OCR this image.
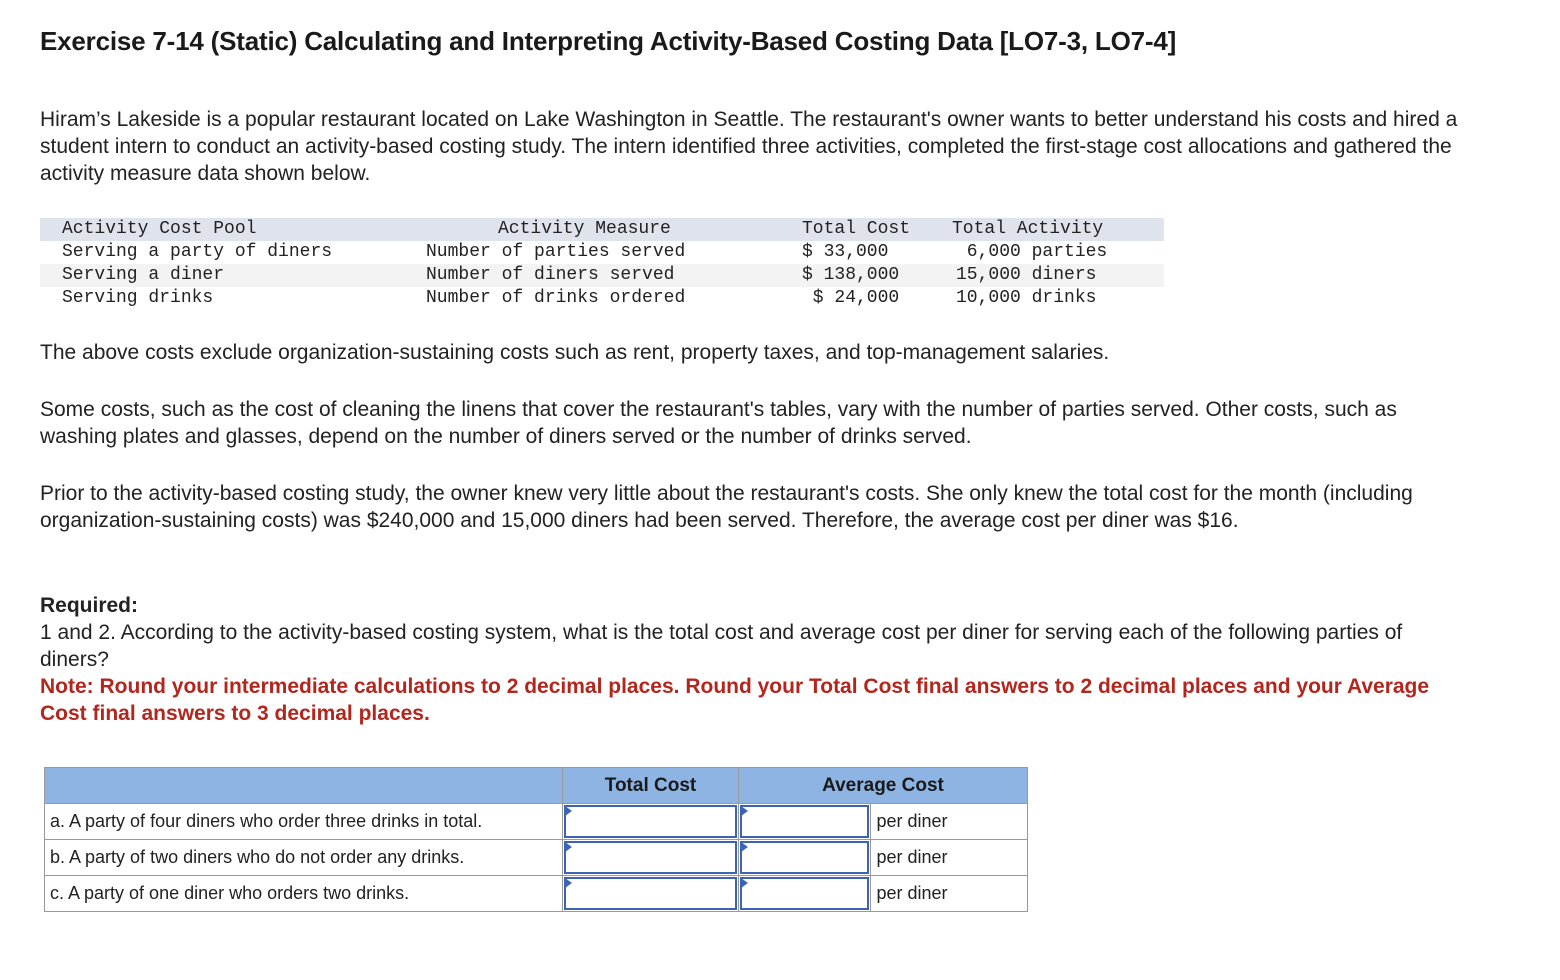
Exercise 7-14 (Static) Calculating and Interpreting Activity-Based Costing Data [LO7-3, LO7-4]

Hiram’s Lakeside is a popular restaurant located on Lake Washington in Seattle. The restaurant's owner wants to better understand his costs and hired a student intern to conduct an activity-based costing study. The intern identified three activities, completed the first-stage cost allocations and gathered the activity measure data shown below.

Activity Cost Pool	Activity Measure	Total Cost	Total Activity
Serving a party of diners	Number of parties served	$ 33,000	6,000 parties
Serving a diner	Number of diners served	$ 138,000	15,000 diners
Serving drinks	Number of drinks ordered	$ 24,000	10,000 drinks

The above costs exclude organization-sustaining costs such as rent, property taxes, and top-management salaries.

Some costs, such as the cost of cleaning the linens that cover the restaurant's tables, vary with the number of parties served. Other costs, such as washing plates and glasses, depend on the number of diners served or the number of drinks served.

Prior to the activity-based costing study, the owner knew very little about the restaurant's costs. She only knew the total cost for the month (including organization-sustaining costs) was $240,000 and 15,000 diners had been served. Therefore, the average cost per diner was $16.

Required:
1 and 2. According to the activity-based costing system, what is the total cost and average cost per diner for serving each of the following parties of diners?
Note: Round your intermediate calculations to 2 decimal places. Round your Total Cost final answers to 2 decimal places and your Average Cost final answers to 3 decimal places.
	Total Cost	Average Cost	
a. A party of four diners who order three drinks in total.			per diner
b. A party of two diners who do not order any drinks.			per diner
c. A party of one diner who orders two drinks.			per diner
